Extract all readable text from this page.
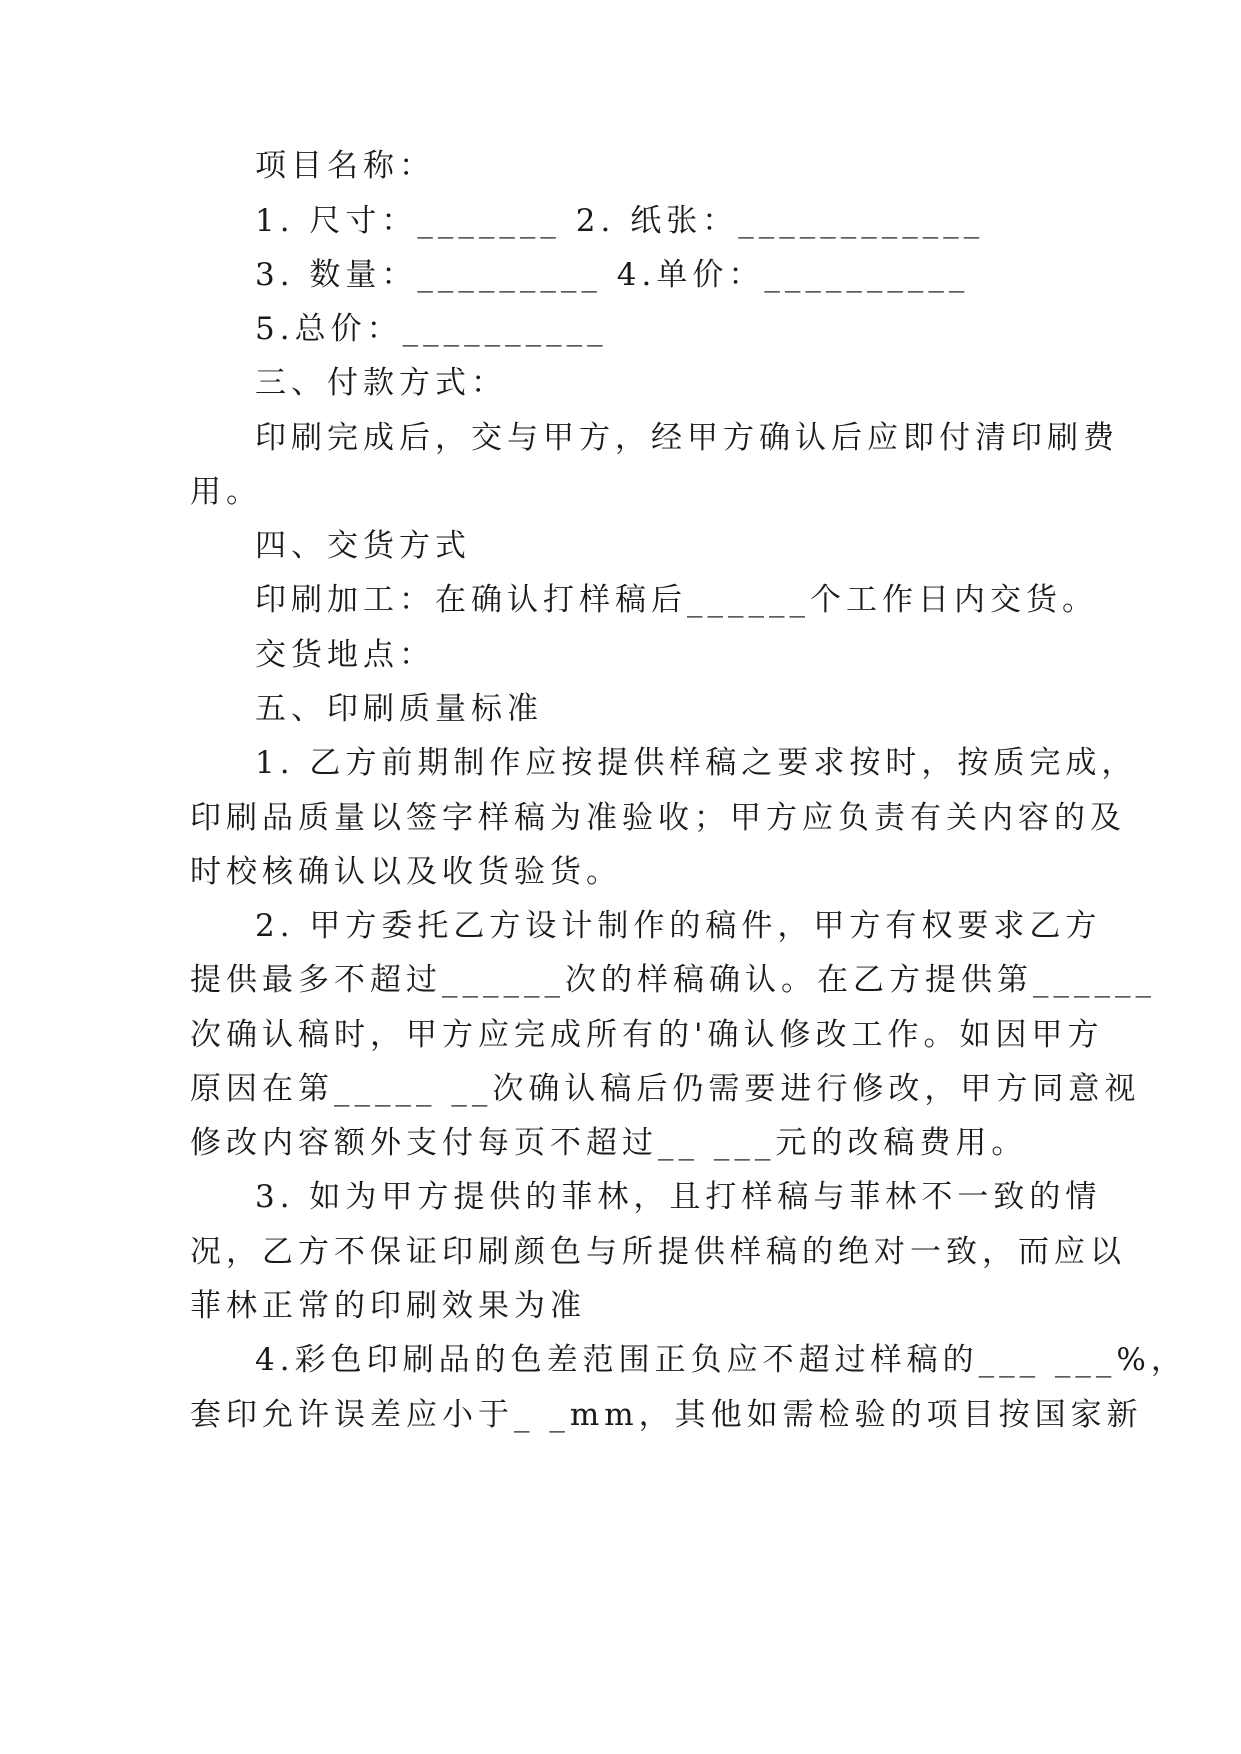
项目名称：
1. 尺寸：_______ 2. 纸张：____________
3. 数量：_________ 4.单价：__________
5.总价：__________
三、付款方式：
印刷完成后，交与甲方，经甲方确认后应即付清印刷费
用。
四、交货方式
印刷加工：在确认打样稿后______个工作日内交货。
交货地点：
五、印刷质量标准
1. 乙方前期制作应按提供样稿之要求按时，按质完成，
印刷品质量以签字样稿为准验收；甲方应负责有关内容的及
时校核确认以及收货验货。
2. 甲方委托乙方设计制作的稿件，甲方有权要求乙方
提供最多不超过______次的样稿确认。在乙方提供第______
次确认稿时，甲方应完成所有的'确认修改工作。如因甲方
原因在第_____ __次确认稿后仍需要进行修改，甲方同意视
修改内容额外支付每页不超过__ ___元的改稿费用。
3. 如为甲方提供的菲林，且打样稿与菲林不一致的情
况，乙方不保证印刷颜色与所提供样稿的绝对一致，而应以
菲林正常的印刷效果为准
4.彩色印刷品的色差范围正负应不超过样稿的___ ___%，
套印允许误差应小于_ _mm，其他如需检验的项目按国家新
